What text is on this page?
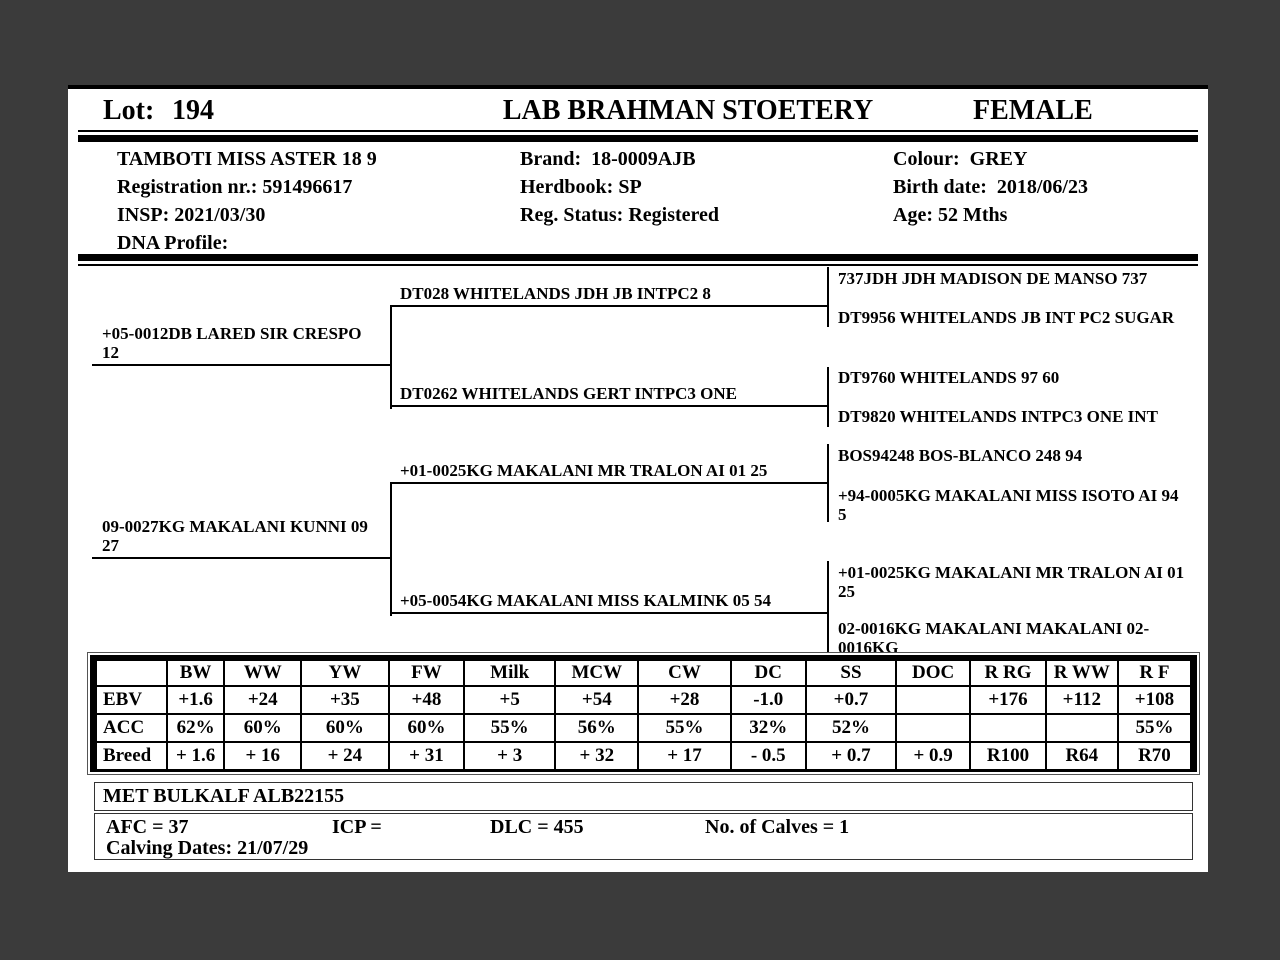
Lot: 194	LAB BRAHMAN STOETERY	FEMALE
TAMBOTI MISS ASTER 18 9
Registration nr.: 591496617
INSP: 2021/03/30
DNA Profile:
Brand:  18-0009AJB
Herdbook: SP
Reg. Status: Registered
Colour:  GREY
Birth date:  2018/06/23
Age: 52 Mths
+05-0012DB LARED SIR CRESPO
12
09-0027KG MAKALANI KUNNI 09
27
DT028 WHITELANDS JDH JB INTPC2 8
DT0262 WHITELANDS GERT INTPC3 ONE
+01-0025KG MAKALANI MR TRALON AI 01 25
+05-0054KG MAKALANI MISS KALMINK 05 54
737JDH JDH MADISON DE MANSO 737
DT9956 WHITELANDS JB INT PC2 SUGAR
DT9760 WHITELANDS 97 60
DT9820 WHITELANDS INTPC3 ONE INT
BOS94248 BOS-BLANCO 248 94
+94-0005KG MAKALANI MISS ISOTO AI 94
5
+01-0025KG MAKALANI MR TRALON AI 01
25
02-0016KG MAKALANI MAKALANI 02-
0016KG
	BW	WW	YW	FW	Milk	MCW	CW	DC	SS	DOC	R RG	R WW	R F
EBV	+1.6	+24	+35	+48	+5	+54	+28	-1.0	+0.7		+176	+112	+108
ACC	62%	60%	60%	60%	55%	56%	55%	32%	52%				55%
Breed	+ 1.6	+ 16	+ 24	+ 31	+ 3	+ 32	+ 17	- 0.5	+ 0.7	+ 0.9	R100	R64	R70
MET BULKALF ALB22155
AFC = 37	ICP =	DLC = 455	No. of Calves = 1
Calving Dates: 21/07/29
